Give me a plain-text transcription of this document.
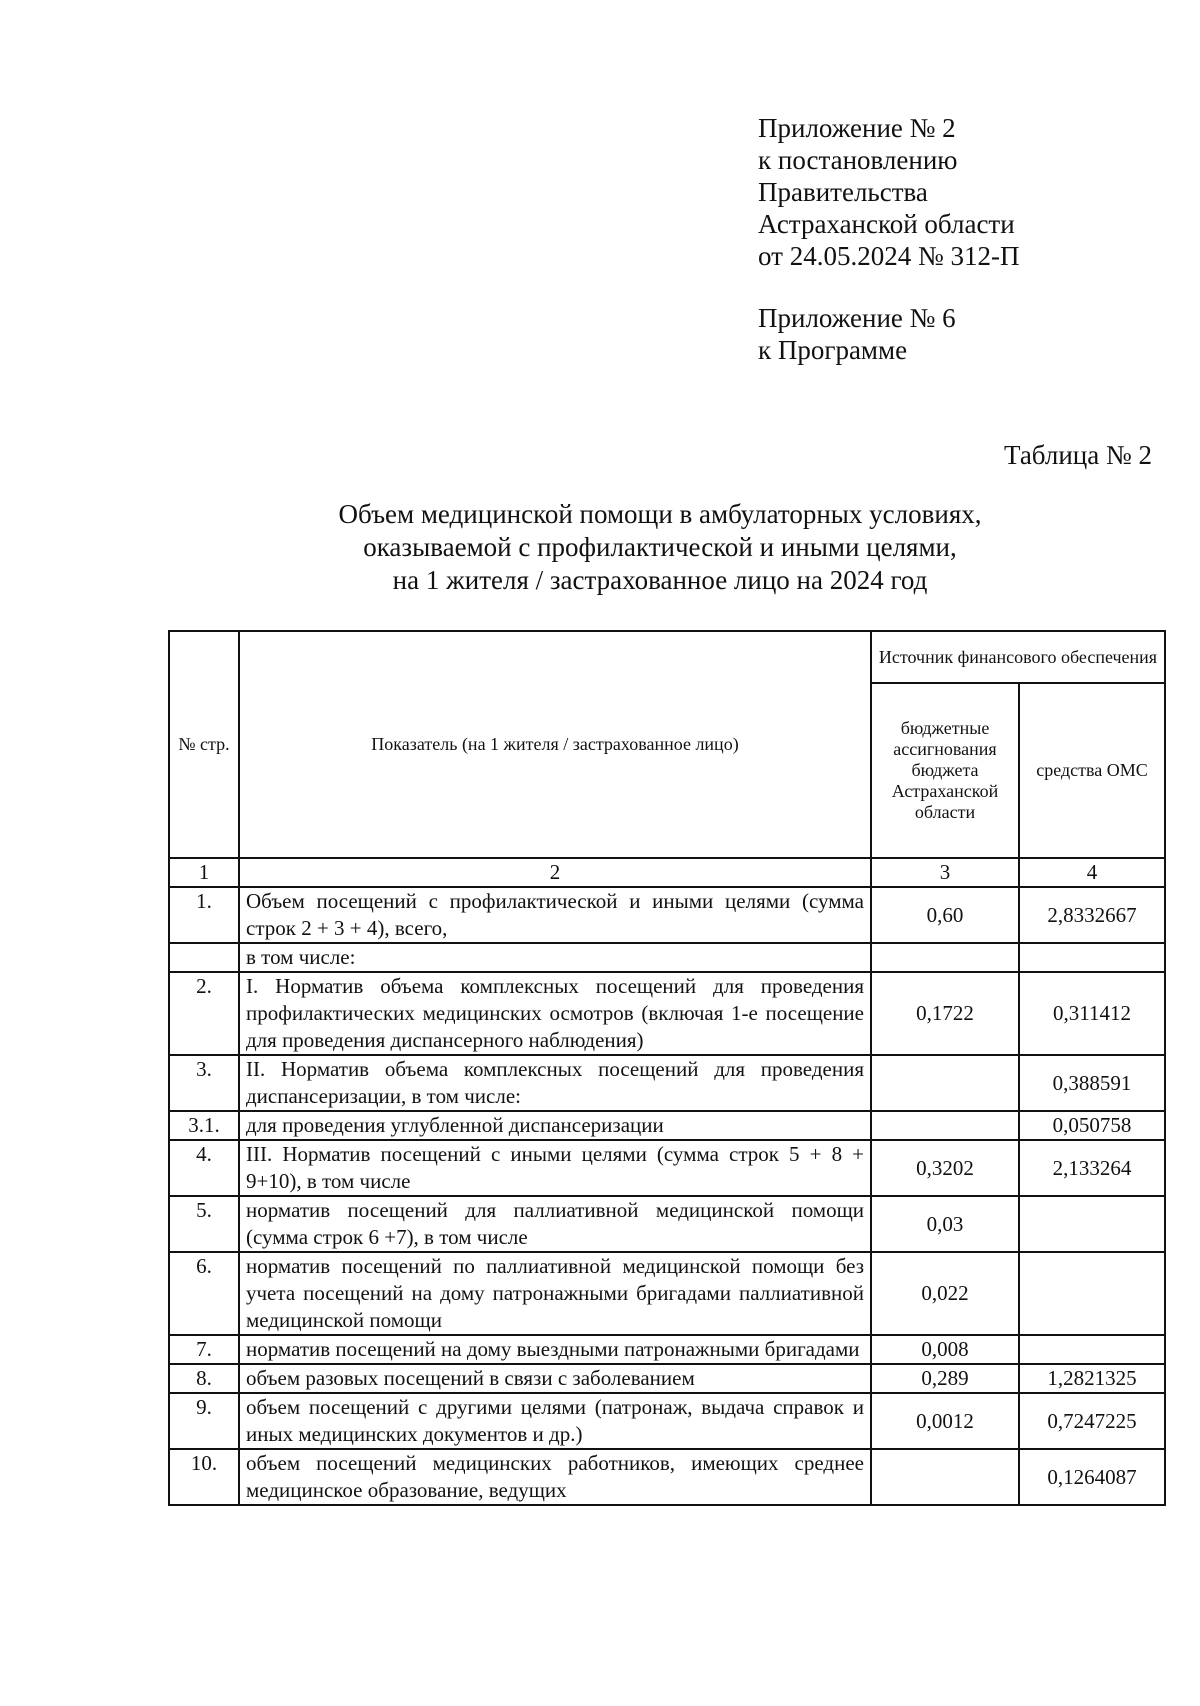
Приложение № 2
к постановлению
Правительства
Астраханской области
от 24.05.2024 № 312-П
Приложение № 6
к Программе
Таблица № 2
Объем медицинской помощи в амбулаторных условиях,
оказываемой с профилактической и иными целями,
на 1 жителя / застрахованное лицо на 2024 год
№ стр.	Показатель (на 1 жителя / застрахованное лицо)	Источник финансового обеспечения	
		бюджетные ассигнования бюджета Астраханской области	средства ОМС
1	2	3	4
1.	Объем посещений с профилактической и иными целями (сумма строк 2 + 3 + 4), всего,	0,60	2,8332667
	в том числе:		
2.	I. Норматив объема комплексных посещений для проведения профилактических медицинских осмотров (включая 1-е посещение для проведения диспансерного наблюдения)	0,1722	0,311412
3.	II. Норматив объема комплексных посещений для проведения диспансеризации, в том числе:		0,388591
3.1.	для проведения углубленной диспансеризации		0,050758
4.	III. Норматив посещений с иными целями (сумма строк 5 + 8 + 9+10), в том числе	0,3202	2,133264
5.	норматив посещений для паллиативной медицинской помощи (сумма строк 6 +7), в том числе	0,03	
6.	норматив посещений по паллиативной медицинской помощи без учета посещений на дому патронажными бригадами паллиативной медицинской помощи	0,022	
7.	норматив посещений на дому выездными патронажными бригадами	0,008	
8.	объем разовых посещений в связи с заболеванием	0,289	1,2821325
9.	объем посещений с другими целями (патронаж, выдача справок и иных медицинских документов и др.)	0,0012	0,7247225
10.	объем посещений медицинских работников, имеющих среднее медицинское образование, ведущих		0,1264087
